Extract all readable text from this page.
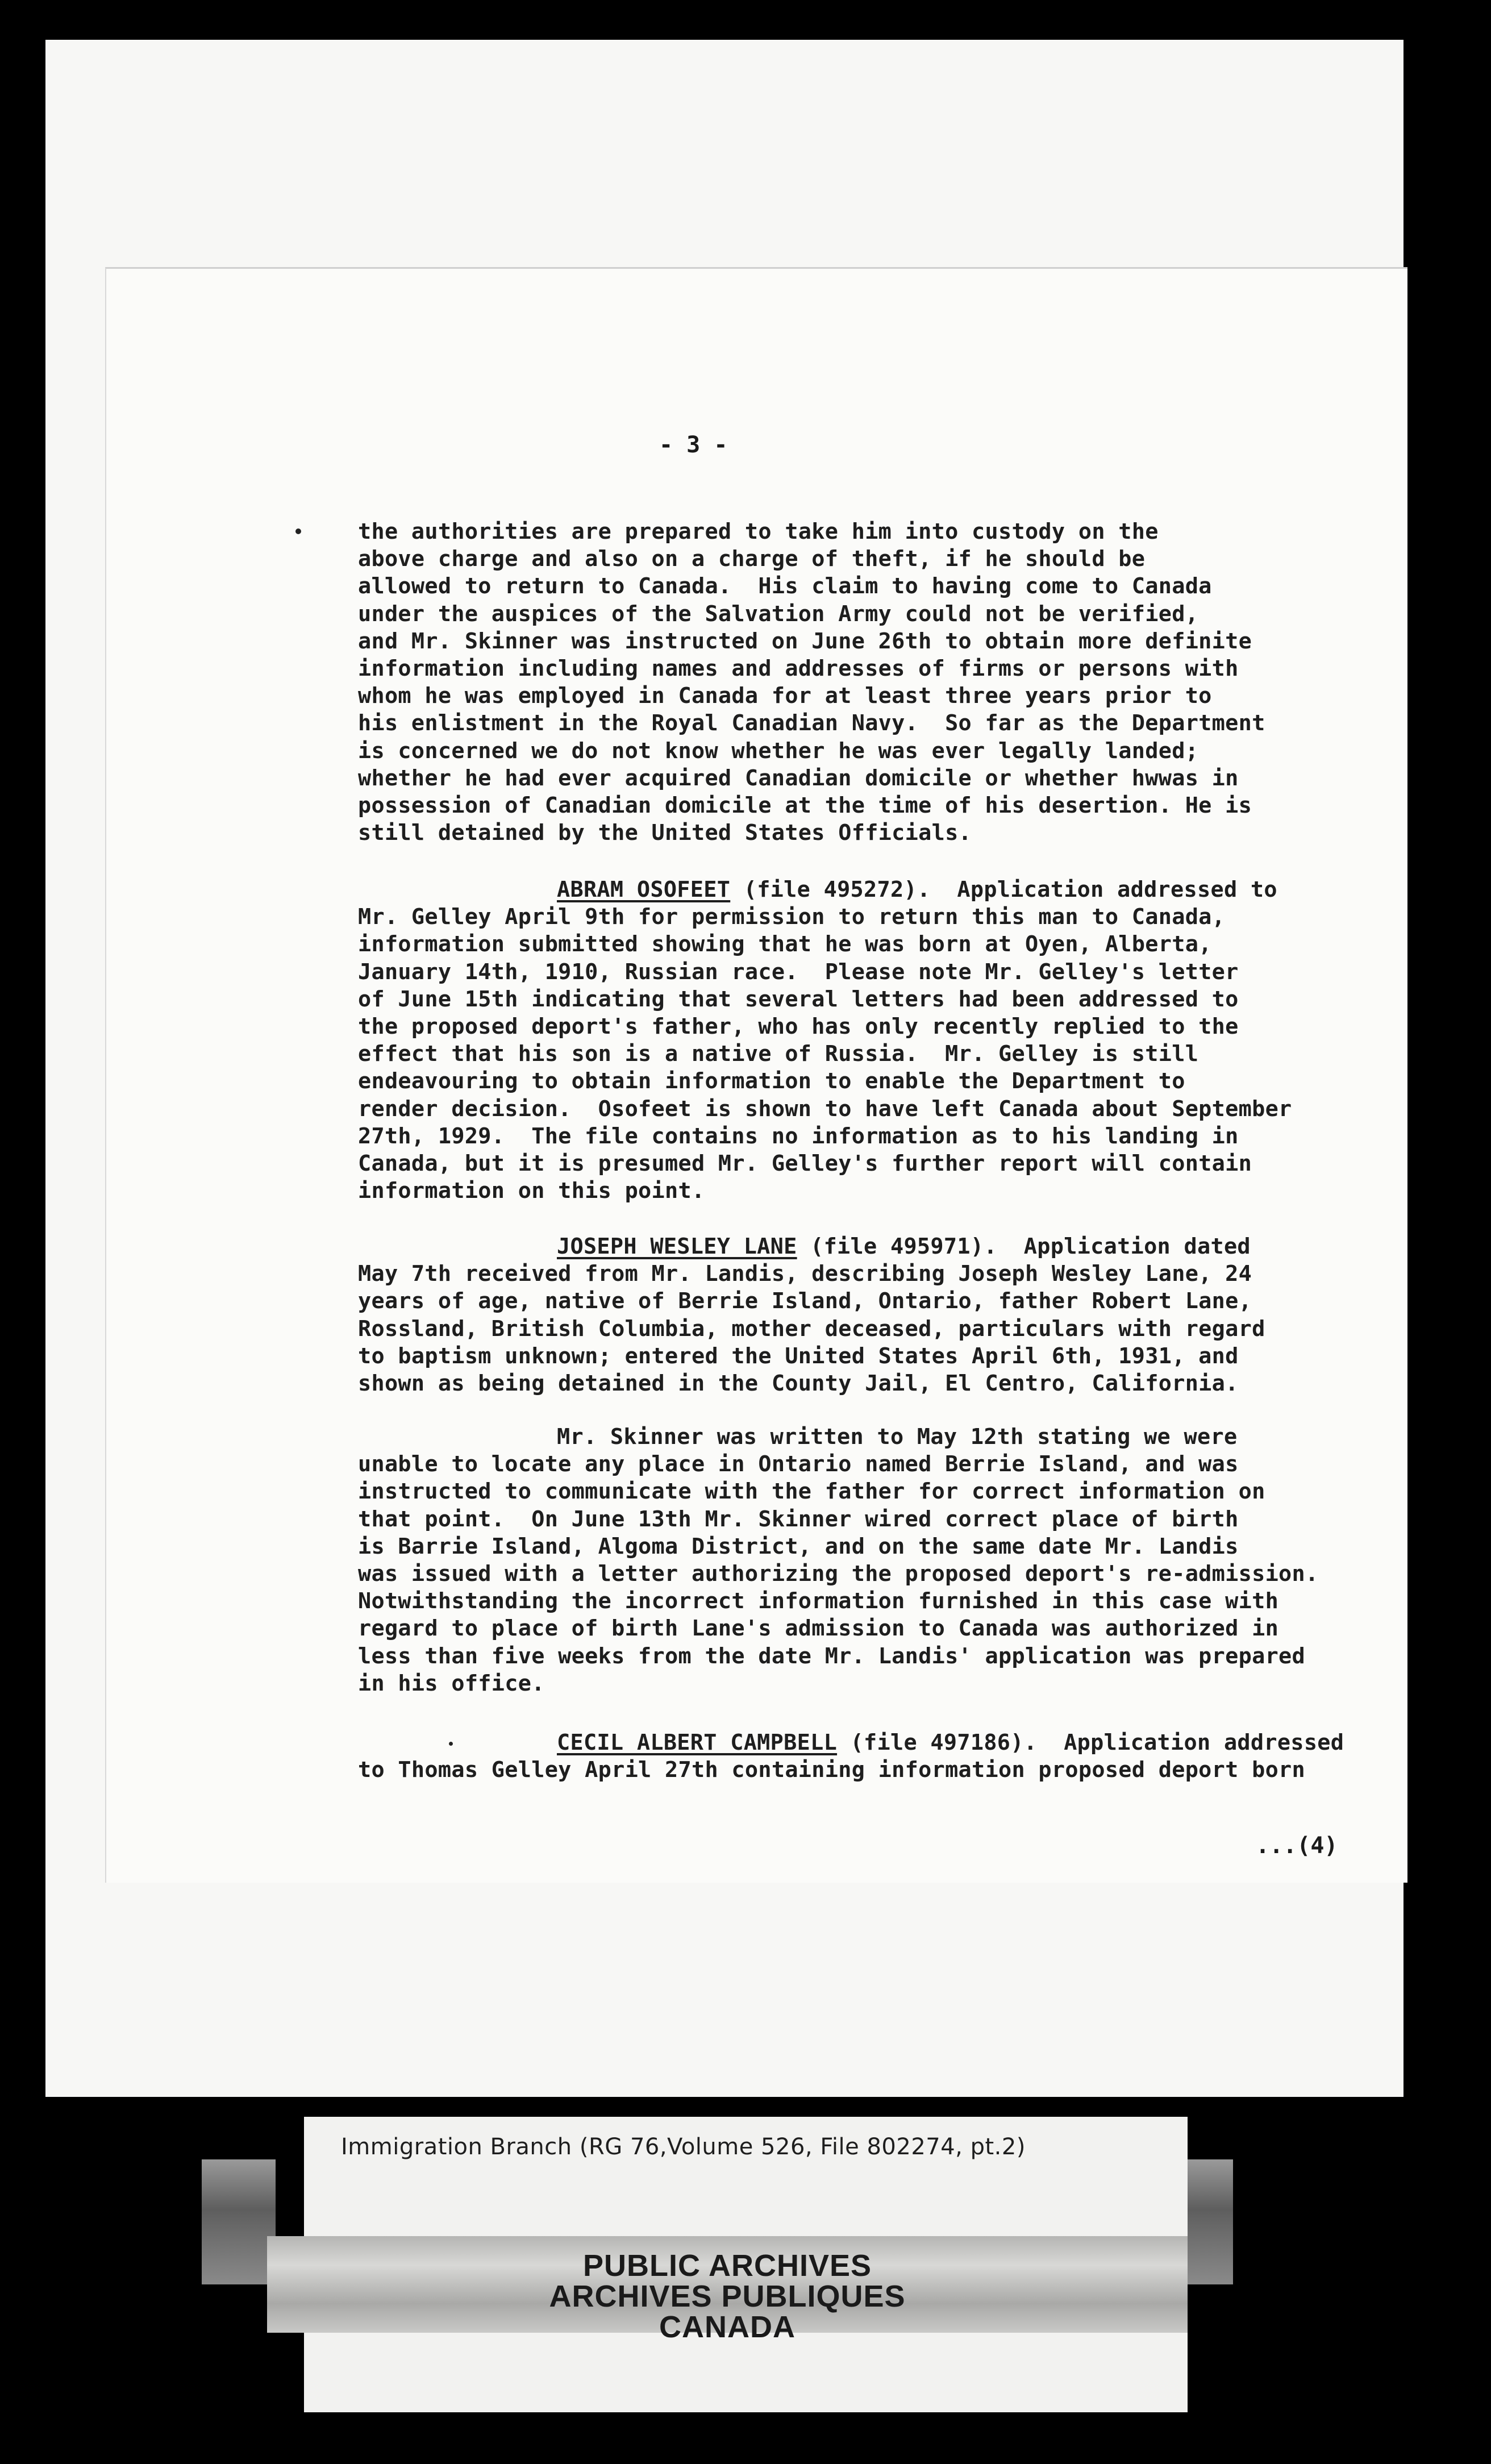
- 3 -
the authorities are prepared to take him into custody on the
above charge and also on a charge of theft, if he should be
allowed to return to Canada.  His claim to having come to Canada
under the auspices of the Salvation Army could not be verified,
and Mr. Skinner was instructed on June 26th to obtain more definite
information including names and addresses of firms or persons with
whom he was employed in Canada for at least three years prior to
his enlistment in the Royal Canadian Navy.  So far as the Department
is concerned we do not know whether he was ever legally landed;
whether he had ever acquired Canadian domicile or whether hwwas in
possession of Canadian domicile at the time of his desertion. He is
still detained by the United States Officials.
ABRAM OSOFEET (file 495272).  Application addressed to
Mr. Gelley April 9th for permission to return this man to Canada,
information submitted showing that he was born at Oyen, Alberta,
January 14th, 1910, Russian race.  Please note Mr. Gelley's letter
of June 15th indicating that several letters had been addressed to
the proposed deport's father, who has only recently replied to the
effect that his son is a native of Russia.  Mr. Gelley is still
endeavouring to obtain information to enable the Department to
render decision.  Osofeet is shown to have left Canada about September
27th, 1929.  The file contains no information as to his landing in
Canada, but it is presumed Mr. Gelley's further report will contain
information on this point.
JOSEPH WESLEY LANE (file 495971).  Application dated
May 7th received from Mr. Landis, describing Joseph Wesley Lane, 24
years of age, native of Berrie Island, Ontario, father Robert Lane,
Rossland, British Columbia, mother deceased, particulars with regard
to baptism unknown; entered the United States April 6th, 1931, and
shown as being detained in the County Jail, El Centro, California.
Mr. Skinner was written to May 12th stating we were
unable to locate any place in Ontario named Berrie Island, and was
instructed to communicate with the father for correct information on
that point.  On June 13th Mr. Skinner wired correct place of birth
is Barrie Island, Algoma District, and on the same date Mr. Landis
was issued with a letter authorizing the proposed deport's re-admission.
Notwithstanding the incorrect information furnished in this case with
regard to place of birth Lane's admission to Canada was authorized in
less than five weeks from the date Mr. Landis' application was prepared
in his office.
CECIL ALBERT CAMPBELL (file 497186).  Application addressed
to Thomas Gelley April 27th containing information proposed deport born
...(4)
Immigration Branch (RG 76,Volume 526, File 802274, pt.2)
PUBLIC ARCHIVES
ARCHIVES PUBLIQUES
CANADA
